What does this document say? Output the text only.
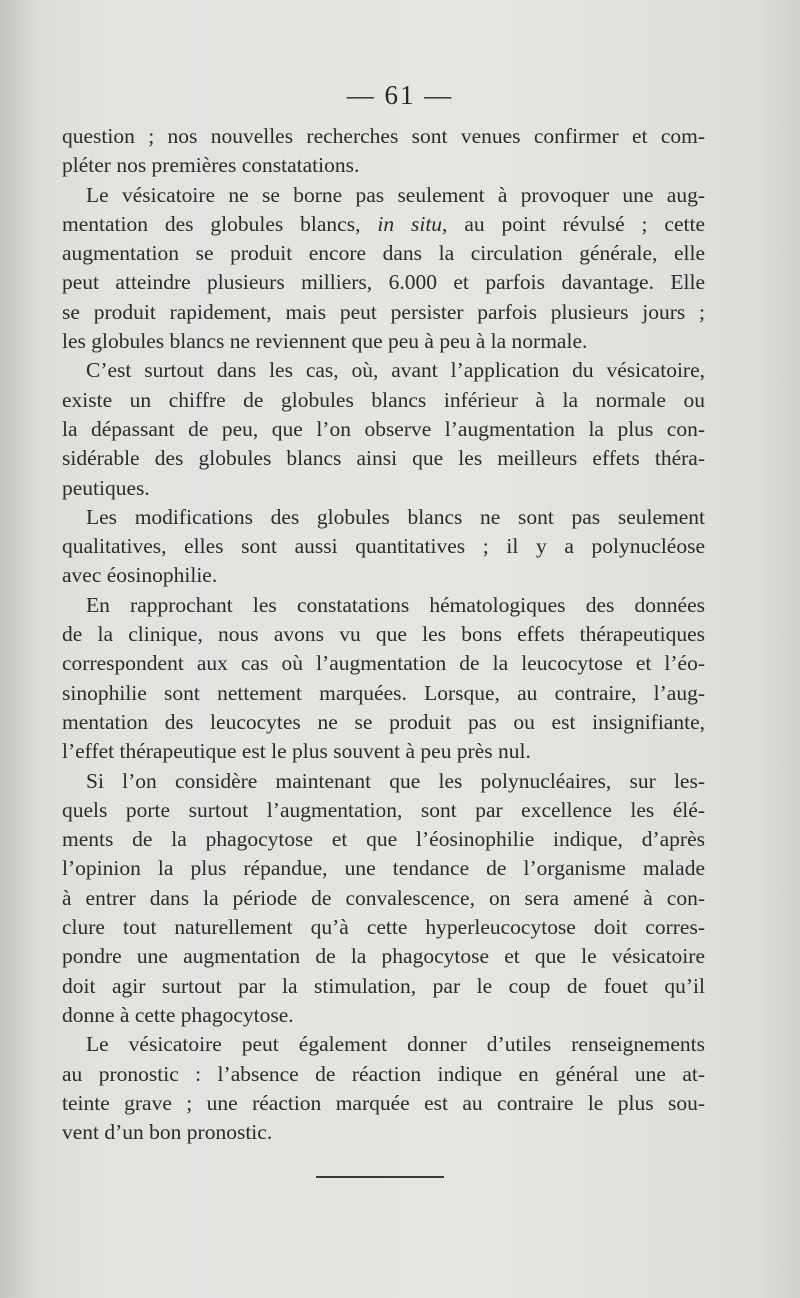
— 61 —
question ; nos nouvelles recherches sont venues confirmer et com-
pléter nos premières constatations.
Le vésicatoire ne se borne pas seulement à provoquer une aug-
mentation des globules blancs, in situ, au point révulsé ; cette
augmentation se produit encore dans la circulation générale, elle
peut atteindre plusieurs milliers, 6.000 et parfois davantage. Elle
se produit rapidement, mais peut persister parfois plusieurs jours ;
les globules blancs ne reviennent que peu à peu à la normale.
C’est surtout dans les cas, où, avant l’application du vésicatoire,
existe un chiffre de globules blancs inférieur à la normale ou
la dépassant de peu, que l’on observe l’augmentation la plus con-
sidérable des globules blancs ainsi que les meilleurs effets théra-
peutiques.
Les modifications des globules blancs ne sont pas seulement
qualitatives, elles sont aussi quantitatives ; il y a polynucléose
avec éosinophilie.
En rapprochant les constatations hématologiques des données
de la clinique, nous avons vu que les bons effets thérapeutiques
correspondent aux cas où l’augmentation de la leucocytose et l’éo-
sinophilie sont nettement marquées. Lorsque, au contraire, l’aug-
mentation des leucocytes ne se produit pas ou est insignifiante,
l’effet thérapeutique est le plus souvent à peu près nul.
Si l’on considère maintenant que les polynucléaires, sur les-
quels porte surtout l’augmentation, sont par excellence les élé-
ments de la phagocytose et que l’éosinophilie indique, d’après
l’opinion la plus répandue, une tendance de l’organisme malade
à entrer dans la période de convalescence, on sera amené à con-
clure tout naturellement qu’à cette hyperleucocytose doit corres-
pondre une augmentation de la phagocytose et que le vésicatoire
doit agir surtout par la stimulation, par le coup de fouet qu’il
donne à cette phagocytose.
Le vésicatoire peut également donner d’utiles renseignements
au pronostic : l’absence de réaction indique en général une at-
teinte grave ; une réaction marquée est au contraire le plus sou-
vent d’un bon pronostic.
